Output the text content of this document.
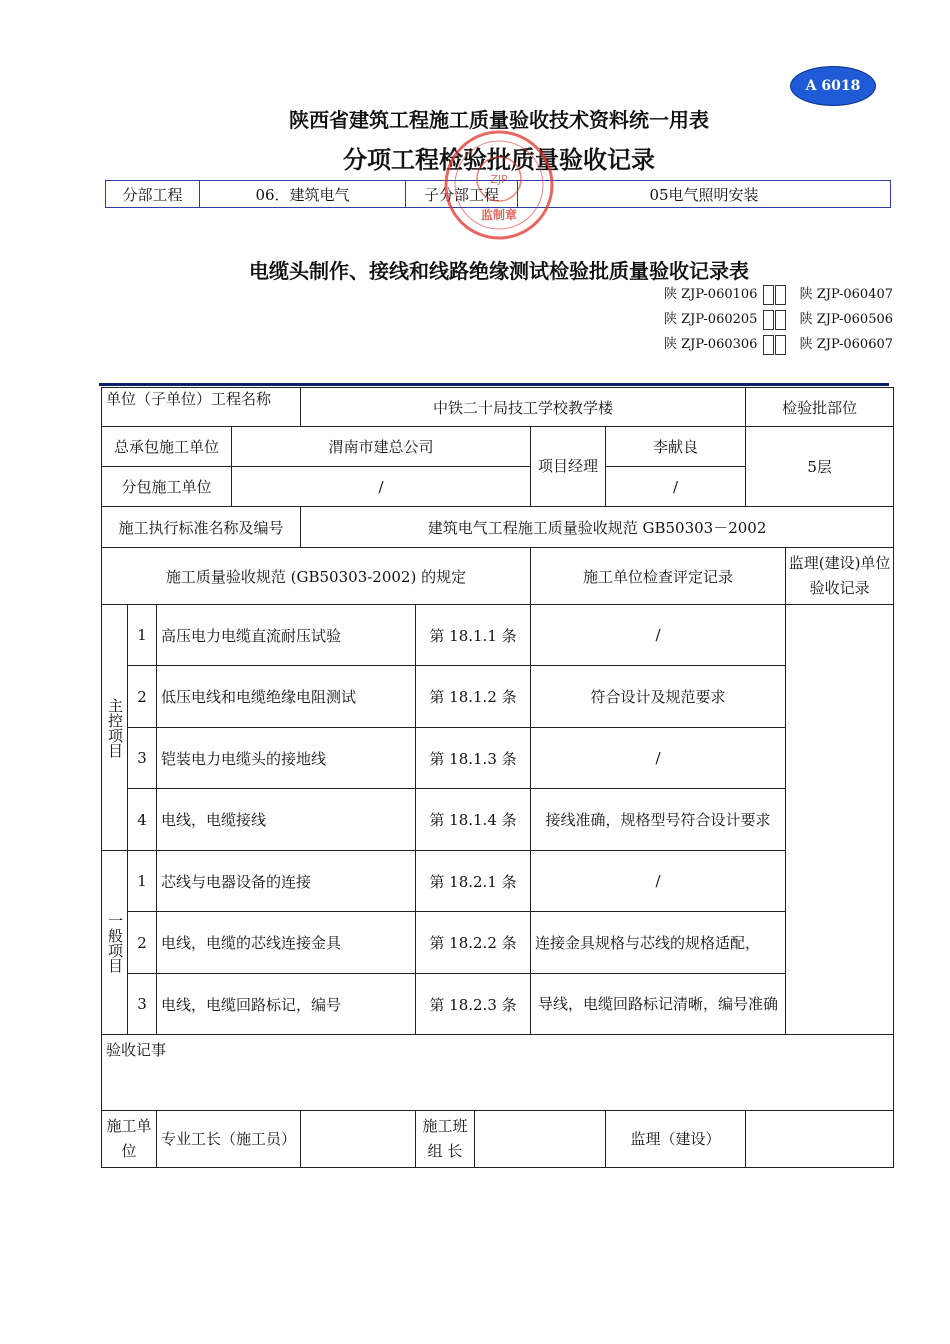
A 6018
陕西省建筑工程施工质量验收技术资料统一用表
分项工程检验批质量验收记录
分部工程	06．建筑电气	子分部工程	05电气照明安装
ZJP
监制章
电缆头制作、接线和线路绝缘测试检验批质量验收记录表
陕 ZJP-060106	陕 ZJP-060407
陕 ZJP-060205	陕 ZJP-060506
陕 ZJP-060306	陕 ZJP-060607
单位（子单位）工程名称				中铁二十局技工学校教学楼					检验批部位	
总承包施工单位			渭南市建总公司				项目经理	李献良	5层	
分包施工单位			/					/		
施工执行标准名称及编号				建筑电气工程施工质量验收规范 GB50303－2002						
施工质量验收规范 (GB50303-2002) 的规定							施工单位检查评定记录			监理(建设)单位验收记录
主控项目	1	高压电力电缆直流耐压试验			第 18.1.1 条		/			
	2	低压电线和电缆绝缘电阻测试			第 18.1.2 条		符合设计及规范要求			
	3	铠装电力电缆头的接地线			第 18.1.3 条		/			
	4	电线，电缆接线			第 18.1.4 条		接线准确，规格型号符合设计要求			
一般项目	1	芯线与电器设备的连接			第 18.2.1 条		/			
	2	电线，电缆的芯线连接金具			第 18.2.2 条		连接金具规格与芯线的规格适配，			
	3	电线，电缆回路标记，编号			第 18.2.3 条		导线，电缆回路标记清晰，编号准确			
验收记事										
施工单位		专业工长（施工员）			施工班组 长			监理（建设）		
